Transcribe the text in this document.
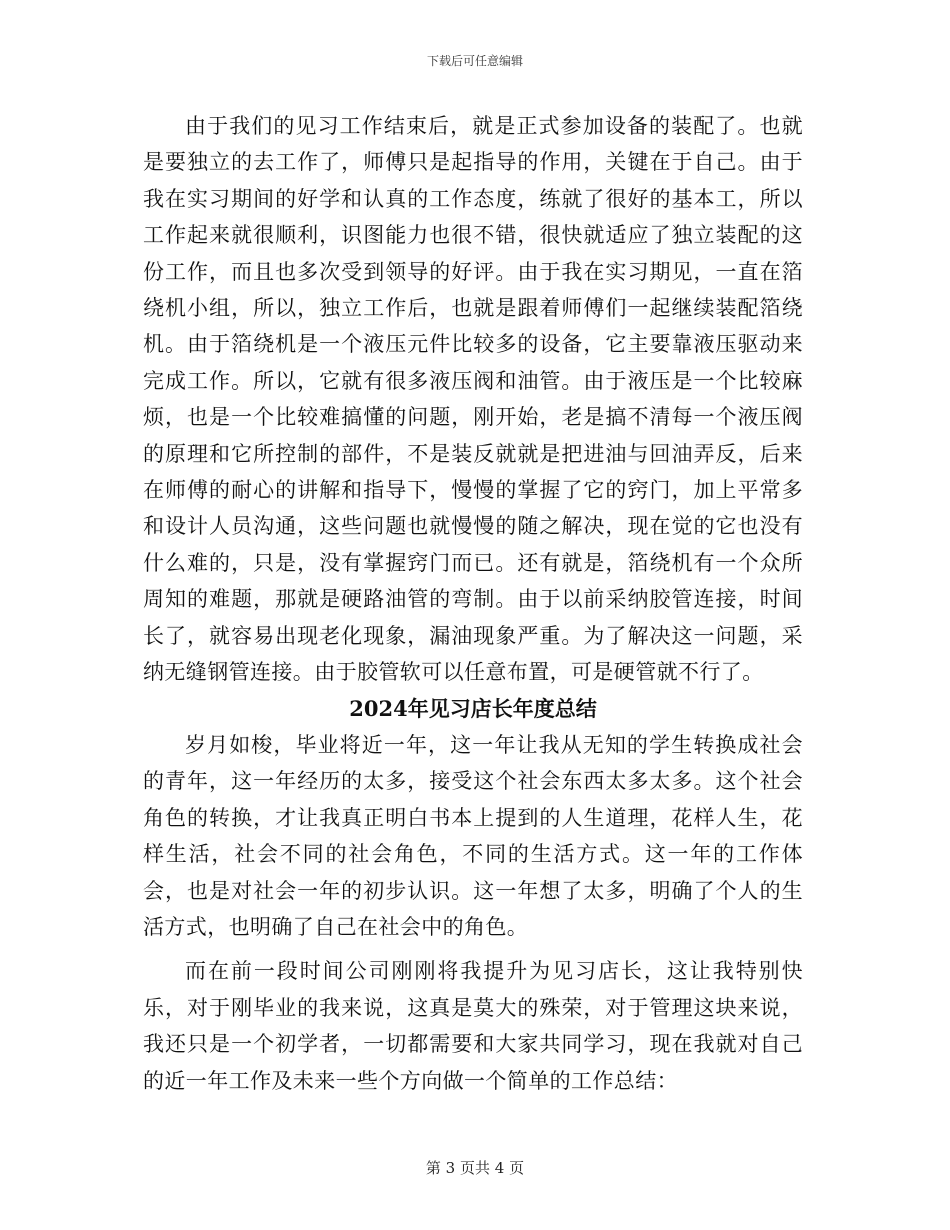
下载后可任意编辑

由于我们的见习工作结束后，就是正式参加设备的装配了。也就是要独立的去工作了，师傅只是起指导的作用，关键在于自己。由于我在实习期间的好学和认真的工作态度，练就了很好的基本工，所以工作起来就很顺利，识图能力也很不错，很快就适应了独立装配的这份工作，而且也多次受到领导的好评。由于我在实习期见，一直在箔绕机小组，所以，独立工作后，也就是跟着师傅们一起继续装配箔绕机。由于箔绕机是一个液压元件比较多的设备，它主要靠液压驱动来完成工作。所以，它就有很多液压阀和油管。由于液压是一个比较麻烦，也是一个比较难搞懂的问题，刚开始，老是搞不清每一个液压阀的原理和它所控制的部件，不是装反就就是把进油与回油弄反，后来在师傅的耐心的讲解和指导下，慢慢的掌握了它的窍门，加上平常多和设计人员沟通，这些问题也就慢慢的随之解决，现在觉的它也没有什么难的，只是，没有掌握窍门而已。还有就是，箔绕机有一个众所周知的难题，那就是硬路油管的弯制。由于以前采纳胶管连接，时间长了，就容易出现老化现象，漏油现象严重。为了解决这一问题，采纳无缝钢管连接。由于胶管软可以任意布置，可是硬管就不行了。

2024年见习店长年度总结

岁月如梭，毕业将近一年，这一年让我从无知的学生转换成社会的青年，这一年经历的太多，接受这个社会东西太多太多。这个社会角色的转换，才让我真正明白书本上提到的人生道理，花样人生，花样生活，社会不同的社会角色，不同的生活方式。这一年的工作体会，也是对社会一年的初步认识。这一年想了太多，明确了个人的生活方式，也明确了自己在社会中的角色。

而在前一段时间公司刚刚将我提升为见习店长，这让我特别快乐，对于刚毕业的我来说，这真是莫大的殊荣，对于管理这块来说，我还只是一个初学者，一切都需要和大家共同学习，现在我就对自己的近一年工作及未来一些个方向做一个简单的工作总结：

第 3 页共 4 页
